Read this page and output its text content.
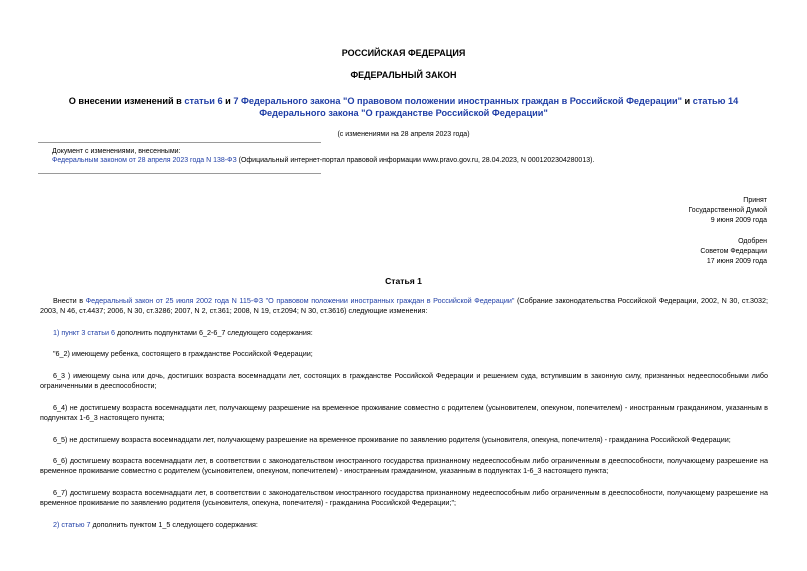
РОССИЙСКАЯ ФЕДЕРАЦИЯ
ФЕДЕРАЛЬНЫЙ ЗАКОН
О внесении изменений в статьи 6 и 7 Федерального закона "О правовом положении иностранных граждан в Российской Федерации" и статью 14 Федерального закона "О гражданстве Российской Федерации"
(с изменениями на 28 апреля 2023 года)
Документ с изменениями, внесенными:
Федеральным законом от 28 апреля 2023 года N 138-ФЗ (Официальный интернет-портал правовой информации www.pravo.gov.ru, 28.04.2023, N 0001202304280013).
Принят
Государственной Думой
9 июня 2009 года
Одобрен
Советом Федерации
17 июня 2009 года
Статья 1

Внести в Федеральный закон от 25 июля 2002 года N 115-ФЗ "О правовом положении иностранных граждан в Российской Федерации" (Собрание законодательства Российской Федерации, 2002, N 30, ст.3032; 2003, N 46, ст.4437; 2006, N 30, ст.3286; 2007, N 2, ст.361; 2008, N 19, ст.2094; N 30, ст.3616) следующие изменения:

1) пункт 3 статьи 6 дополнить подпунктами 6_2-6_7 следующего содержания:

"6_2) имеющему ребенка, состоящего в гражданстве Российской Федерации;

6_3 ) имеющему сына или дочь, достигших возраста восемнадцати лет, состоящих в гражданстве Российской Федерации и решением суда, вступившим в законную силу, признанных недееспособными либо ограниченными в дееспособности;

6_4) не достигшему возраста восемнадцати лет, получающему разрешение на временное проживание совместно с родителем (усыновителем, опекуном, попечителем) - иностранным гражданином, указанным в подпунктах 1-6_3 настоящего пункта;

6_5) не достигшему возраста восемнадцати лет, получающему разрешение на временное проживание по заявлению родителя (усыновителя, опекуна, попечителя) - гражданина Российской Федерации;

6_6) достигшему возраста восемнадцати лет, в соответствии с законодательством иностранного государства признанному недееспособным либо ограниченным в дееспособности, получающему разрешение на временное проживание совместно с родителем (усыновителем, опекуном, попечителем) - иностранным гражданином, указанным в подпунктах 1-6_3 настоящего пункта;

6_7) достигшему возраста восемнадцати лет, в соответствии с законодательством иностранного государства признанному недееспособным либо ограниченным в дееспособности, получающему разрешение на временное проживание по заявлению родителя (усыновителя, опекуна, попечителя) - гражданина Российской Федерации;";

2) статью 7 дополнить пунктом 1_5 следующего содержания:
